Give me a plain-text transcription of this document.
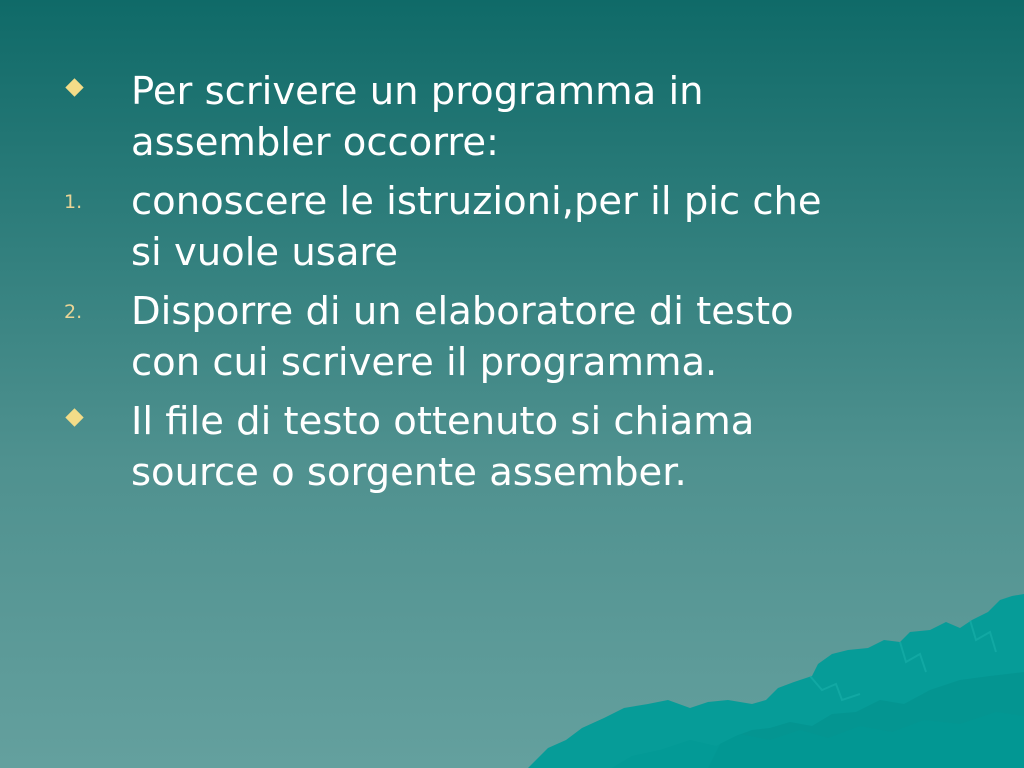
Per scrivere un programma in
assembler occorre:
1.	conoscere le istruzioni,per il pic che
si vuole usare
2.	Disporre di un elaboratore di testo
con cui scrivere il programma.
Il file di testo ottenuto si chiama
source o sorgente assember.
